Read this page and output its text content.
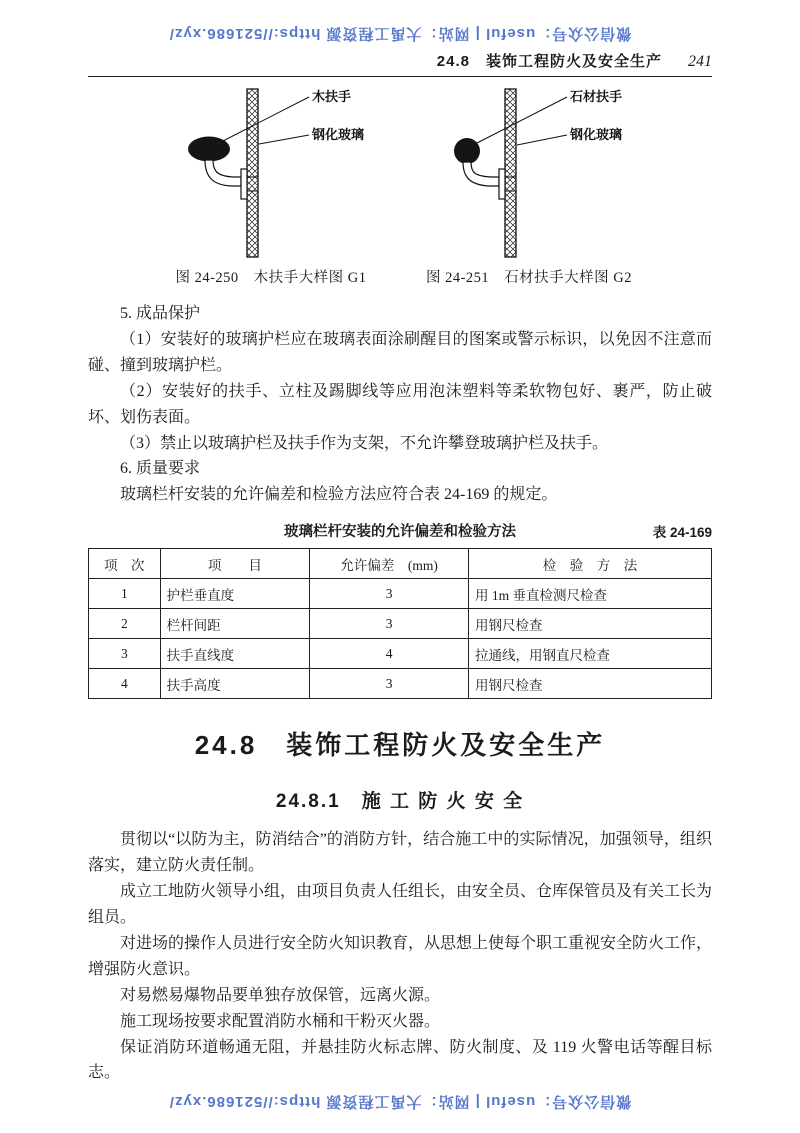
微信公众号：useful | 网站：大禹工程资源 https://521686.xyz/
24.8　装饰工程防火及安全生产 241
木扶手
钢化玻璃
图 24-250　木扶手大样图 G1
石材扶手
钢化玻璃
图 24-251　石材扶手大样图 G2

5. 成品保护

（1）安装好的玻璃护栏应在玻璃表面涂刷醒目的图案或警示标识，以免因不注意而碰、撞到玻璃护栏。

（2）安装好的扶手、立柱及踢脚线等应用泡沫塑料等柔软物包好、裹严，防止破坏、划伤表面。

（3）禁止以玻璃护栏及扶手作为支架，不允许攀登玻璃护栏及扶手。

6. 质量要求

玻璃栏杆安装的允许偏差和检验方法应符合表 24-169 的规定。

玻璃栏杆安装的允许偏差和检验方法	表 24-169
项　次	项　　目	允许偏差　(mm)	检　验　方　法
1	护栏垂直度	3	用 1m 垂直检测尺检查
2	栏杆间距	3	用钢尺检查
3	扶手直线度	4	拉通线，用钢直尺检查
4	扶手高度	3	用钢尺检查
24.8　装饰工程防火及安全生产
24.8.1　施 工 防 火 安 全

贯彻以“以防为主，防消结合”的消防方针，结合施工中的实际情况，加强领导，组织落实，建立防火责任制。

成立工地防火领导小组，由项目负责人任组长，由安全员、仓库保管员及有关工长为组员。

对进场的操作人员进行安全防火知识教育，从思想上使每个职工重视安全防火工作，增强防火意识。

对易燃易爆物品要单独存放保管，远离火源。

施工现场按要求配置消防水桶和干粉灭火器。

保证消防环道畅通无阻，并悬挂防火标志牌、防火制度、及 119 火警电话等醒目标志。

微信公众号：useful | 网站：大禹工程资源 https://521686.xyz/
